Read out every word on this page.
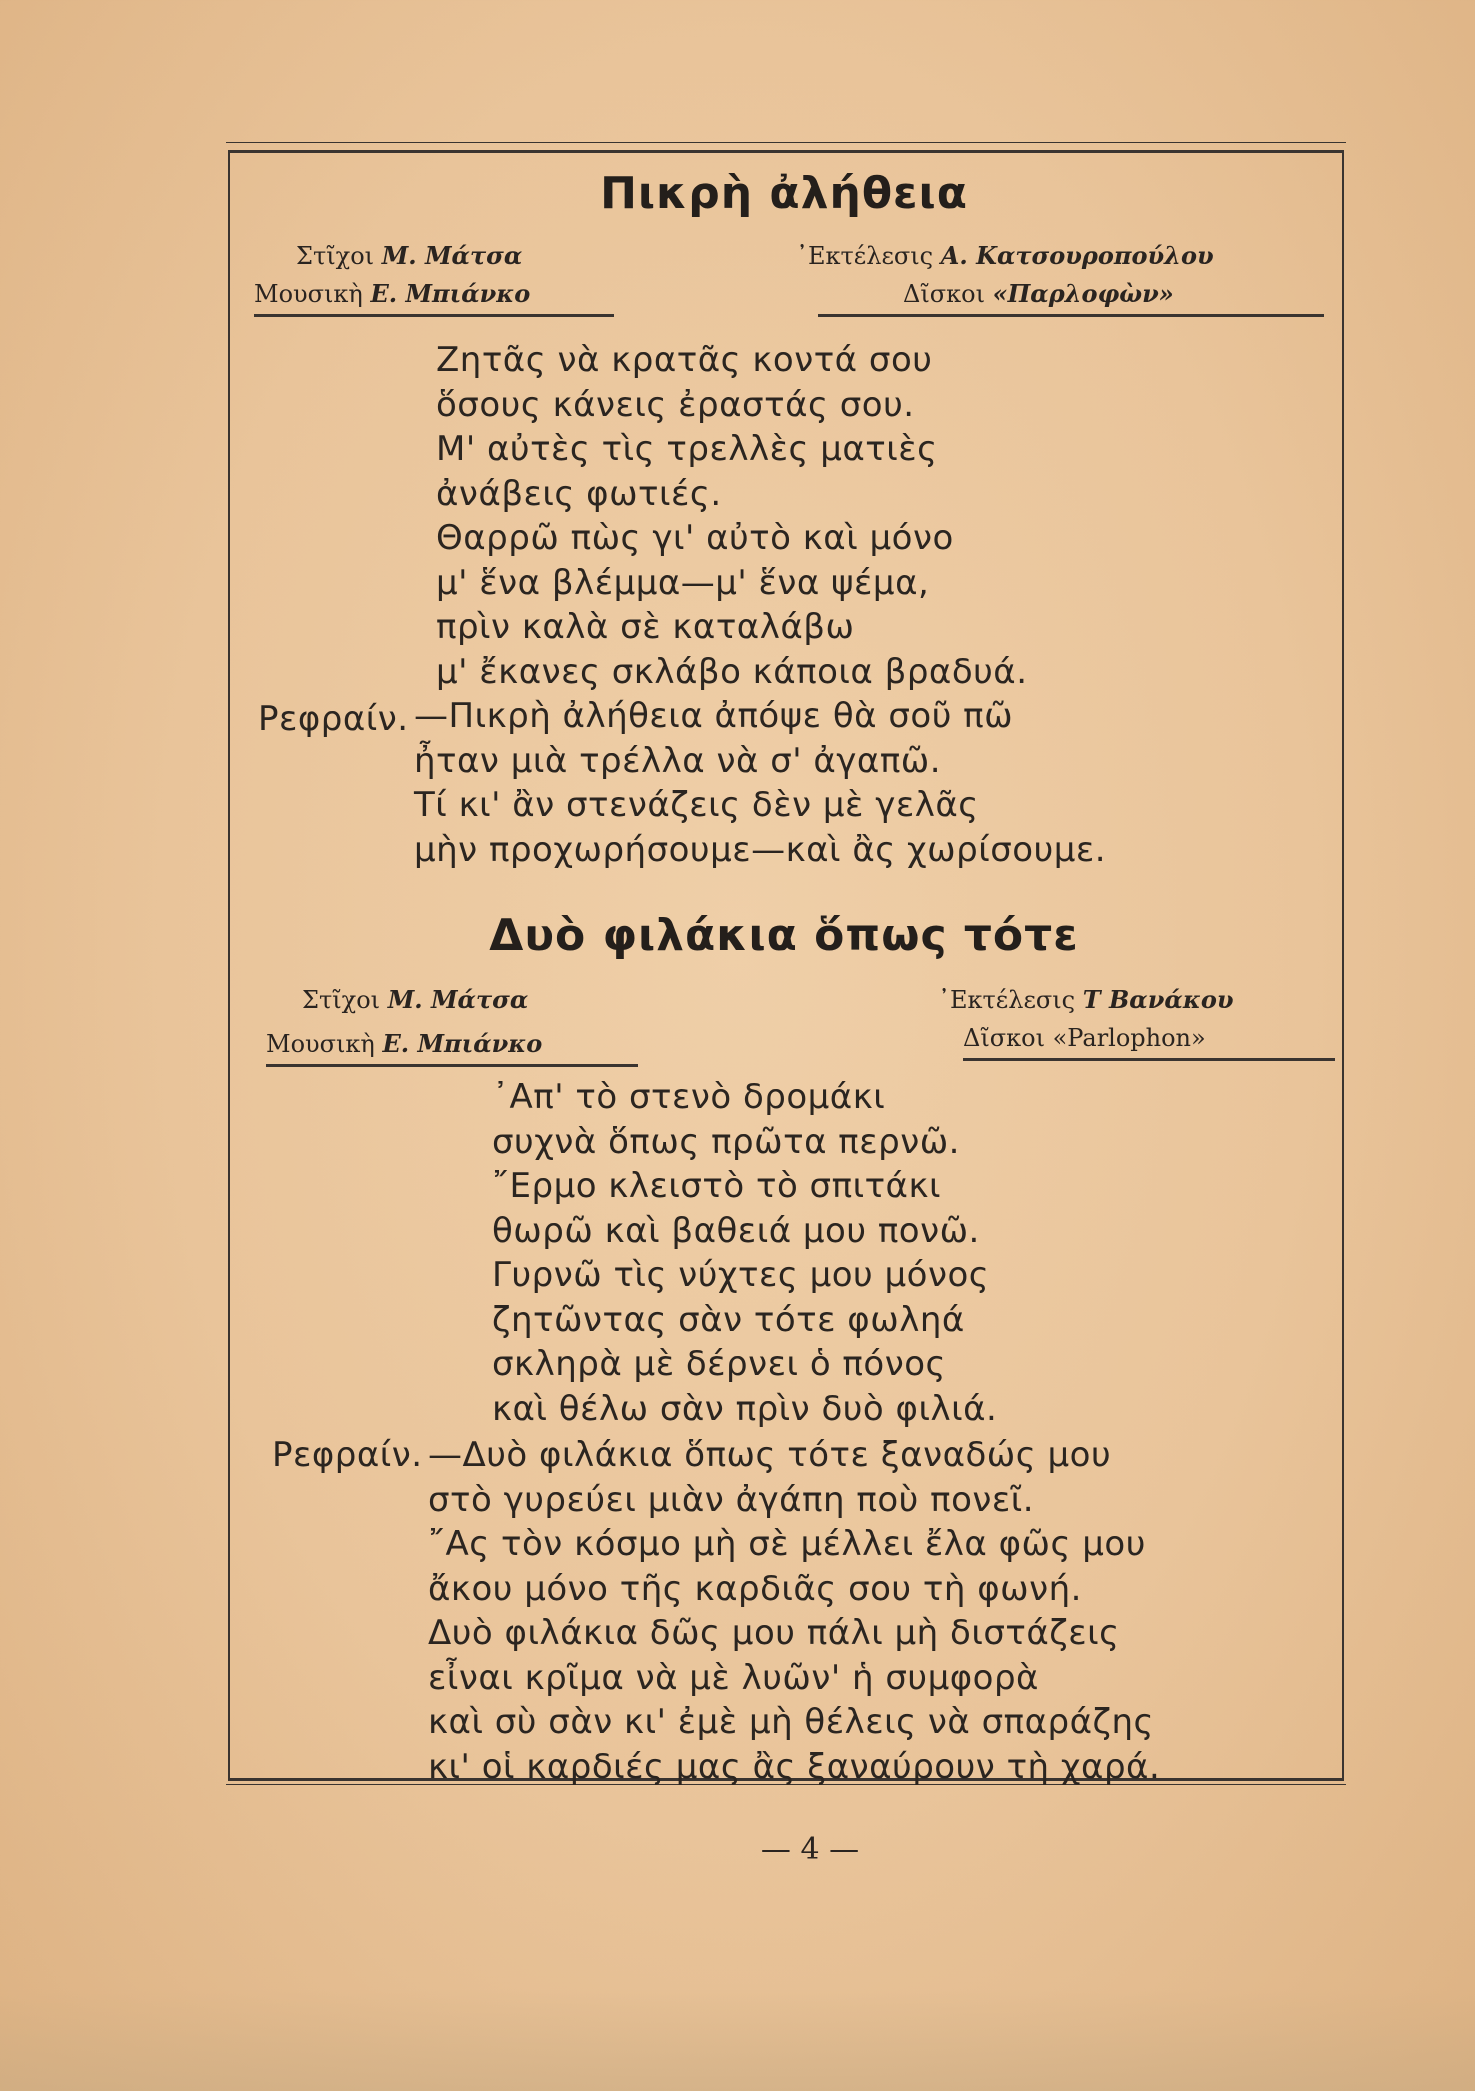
Πικρὴ ἀλήθεια
Στῖχοι Μ. Μάτσα
Μουσικὴ Ε. Μπιάνκο
᾿Εκτέλεσις Α. Κατσουροπούλου
Δῖσκοι «Παρλοφὼν»
Ζητᾶς νὰ κρατᾶς κοντά σου
ὅσους κάνεις ἐραστάς σου.
Μ' αὐτὲς τὶς τρελλὲς ματιὲς
ἀνάβεις φωτιές.
Θαρρῶ πὼς γι' αὐτὸ καὶ μόνο
μ' ἕνα βλέμμα—μ' ἕνα ψέμα,
πρὶν καλὰ σὲ καταλάβω
μ' ἔκανες σκλάβο κάποια βραδυά.
Ρεφραίν. —Πικρὴ ἀλήθεια ἀπόψε θὰ σοῦ πῶ
ἦταν μιὰ τρέλλα νὰ σ' ἀγαπῶ.
Τί κι' ἂν στενάζεις δὲν μὲ γελᾶς
μὴν προχωρήσουμε—καὶ ἂς χωρίσουμε.
Δυὸ φιλάκια ὅπως τότε
Στῖχοι Μ. Μάτσα
Μουσικὴ Ε. Μπιάνκο
᾿Εκτέλεσις Τ Βανάκου
Δῖσκοι «Parlophon»
᾿Απ' τὸ στενὸ δρομάκι
συχνὰ ὅπως πρῶτα περνῶ.
῎Ερμο κλειστὸ τὸ σπιτάκι
θωρῶ καὶ βαθειά μου πονῶ.
Γυρνῶ τὶς νύχτες μου μόνος
ζητῶντας σὰν τότε φωληά
σκληρὰ μὲ δέρνει ὁ πόνος
καὶ θέλω σὰν πρὶν δυὸ φιλιά.
Ρεφραίν. —Δυὸ φιλάκια ὅπως τότε ξαναδώς μου
στὸ γυρεύει μιὰν ἀγάπη ποὺ πονεῖ.
῎Ας τὸν κόσμο μὴ σὲ μέλλει ἔλα φῶς μου
ἄκου μόνο τῆς καρδιᾶς σου τὴ φωνή.
Δυὸ φιλάκια δῶς μου πάλι μὴ διστάζεις
εἶναι κρῖμα νὰ μὲ λυῶν' ἡ συμφορὰ
καὶ σὺ σὰν κι' ἐμὲ μὴ θέλεις νὰ σπαράζης
κι' οἱ καρδιές μας ἂς ξαναύρουν τὴ χαρά.
— 4 —
